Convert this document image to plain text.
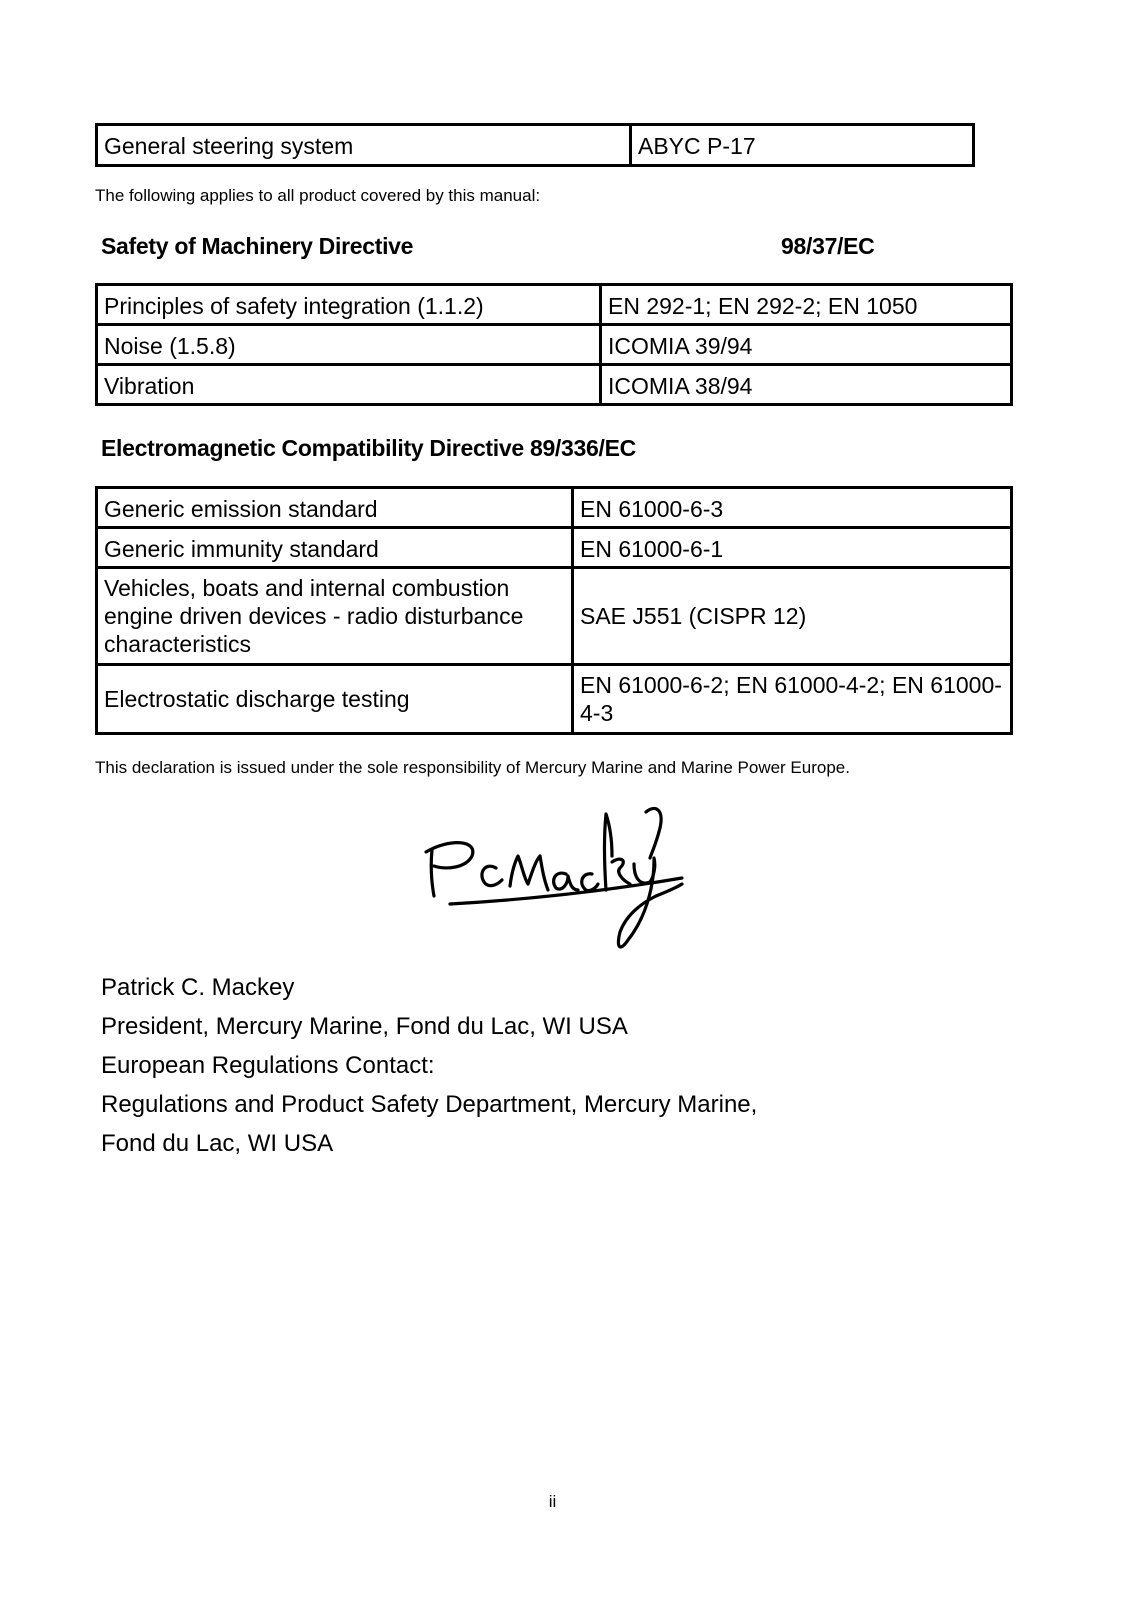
General steering system	ABYC P-17
The following applies to all product covered by this manual:
Safety of Machinery Directive	98/37/EC
Principles of safety integration (1.1.2)	EN 292-1; EN 292-2; EN 1050
Noise (1.5.8)	ICOMIA 39/94
Vibration	ICOMIA 38/94
Electromagnetic Compatibility Directive 89/336/EC
Generic emission standard	EN 61000-6-3
Generic immunity standard	EN 61000-6-1
Vehicles, boats and internal combustion engine driven devices - radio disturbance characteristics	SAE J551 (CISPR 12)
Electrostatic discharge testing	EN 61000-6-2; EN 61000-4-2; EN 61000-4-3
This declaration is issued under the sole responsibility of Mercury Marine and Marine Power Europe.
Patrick C. Mackey
President, Mercury Marine, Fond du Lac, WI USA
European Regulations Contact:
Regulations and Product Safety Department, Mercury Marine,
Fond du Lac, WI USA
ii
